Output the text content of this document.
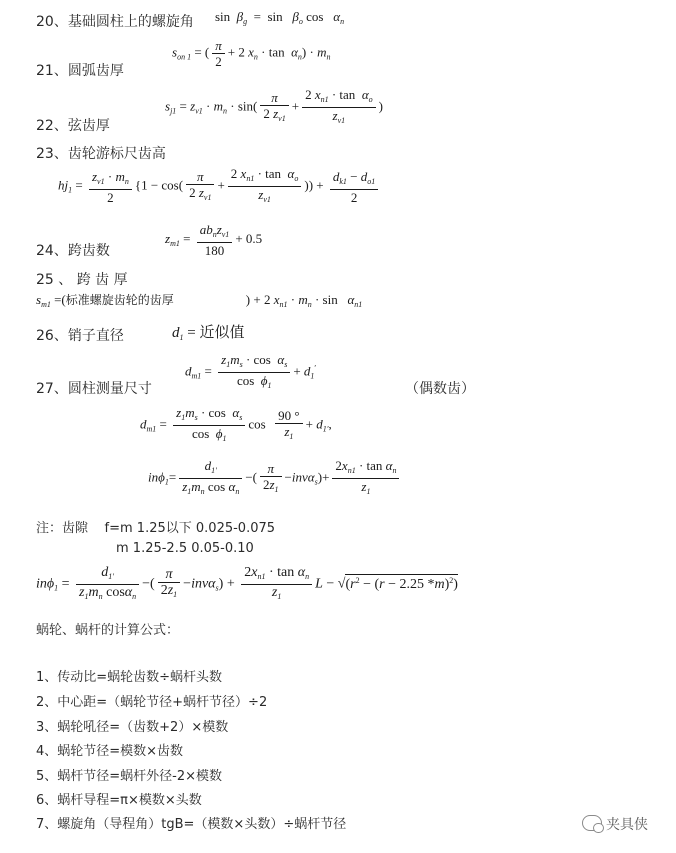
20、基础圆柱上的螺旋角 $\sin \beta_g = \sin \beta_o$ $\cos \alpha_n$
21、圆弧齿厚
$s_{on 1}$ = ( $\frac{\pi}{2} + 2$ $x_n \cdot \tan \alpha_n) \cdot m_n$
22、弦齿厚
$s_{j1} = z_{v1} \cdot m_n \cdot \sin( \frac{\pi}{2 z_{v1}} + \frac{2 x_{n1} \cdot \tan \alpha_o}{z_{v1}}$ )
23、齿轮游标尺齿高
$hj_1 = \frac{z_{v1} \cdot m_n}{2} \{1 - \cos( \frac{\pi}{2 z_{v1}} + \frac{2 x_{n1} \cdot \tan \alpha_o}{z_{v1}}$ )) + $\frac{d_{k1} - d_{o1}}{2}$
24、跨齿数
$z_{m1} = \frac{ab_nz_{v1}}{180} + 0.5$
25 、 跨 齿 厚
$s_{m1}$ =(标准螺旋齿轮的齿厚	) + 2 $x_{n1} \cdot m_n \cdot \sin \alpha_{n1}$
26、销子直径	$d_1$ = 近似值
27、圆柱测量尺寸
$d_{m1} = \frac{z_1m_s \cdot \cos \alpha_s}{\cos \phi_1} + d_1'$
（偶数齿）
$d_{m1} = \frac{z_1m_s \cdot \cos \alpha_s}{\cos \phi_1}$ $\cos \frac{90 ^\circ}{z_1} + d_{1'}$,
$in\phi_1= \frac{d_{1'}}{z_1m_n \cos \alpha_n}$ −( $\frac{\pi}{2z_1} -inv\alpha_s)+ \frac{2x_{n1} \cdot \tan \alpha_n}{z_1}$
注：齿隙 f=m 1.25以下 0.025-0.075
m 1.25-2.5 0.05-0.10
$in\phi_1 = \frac{d_{1'}}{z_1m_n \cos\alpha_n}$ −( $\frac{\pi}{2z_1} -inv\alpha_s) + \frac{2x_{n1} \cdot \tan \alpha_n}{z_1}$ $L - √(r^2 - (r - 2.25$ *m)$^2$)
蜗轮、蜗杆的计算公式：
1、传动比=蜗轮齿数÷蜗杆头数
2、中心距=（蜗轮节径+蜗杆节径）÷2
3、蜗轮吼径=（齿数+2）×模数
4、蜗轮节径=模数×齿数
5、蜗杆节径=蜗杆外径-2×模数
6、蜗杆导程=π×模数×头数
7、螺旋角（导程角）tgB=（模数×头数）÷蜗杆节径	夹具侠
